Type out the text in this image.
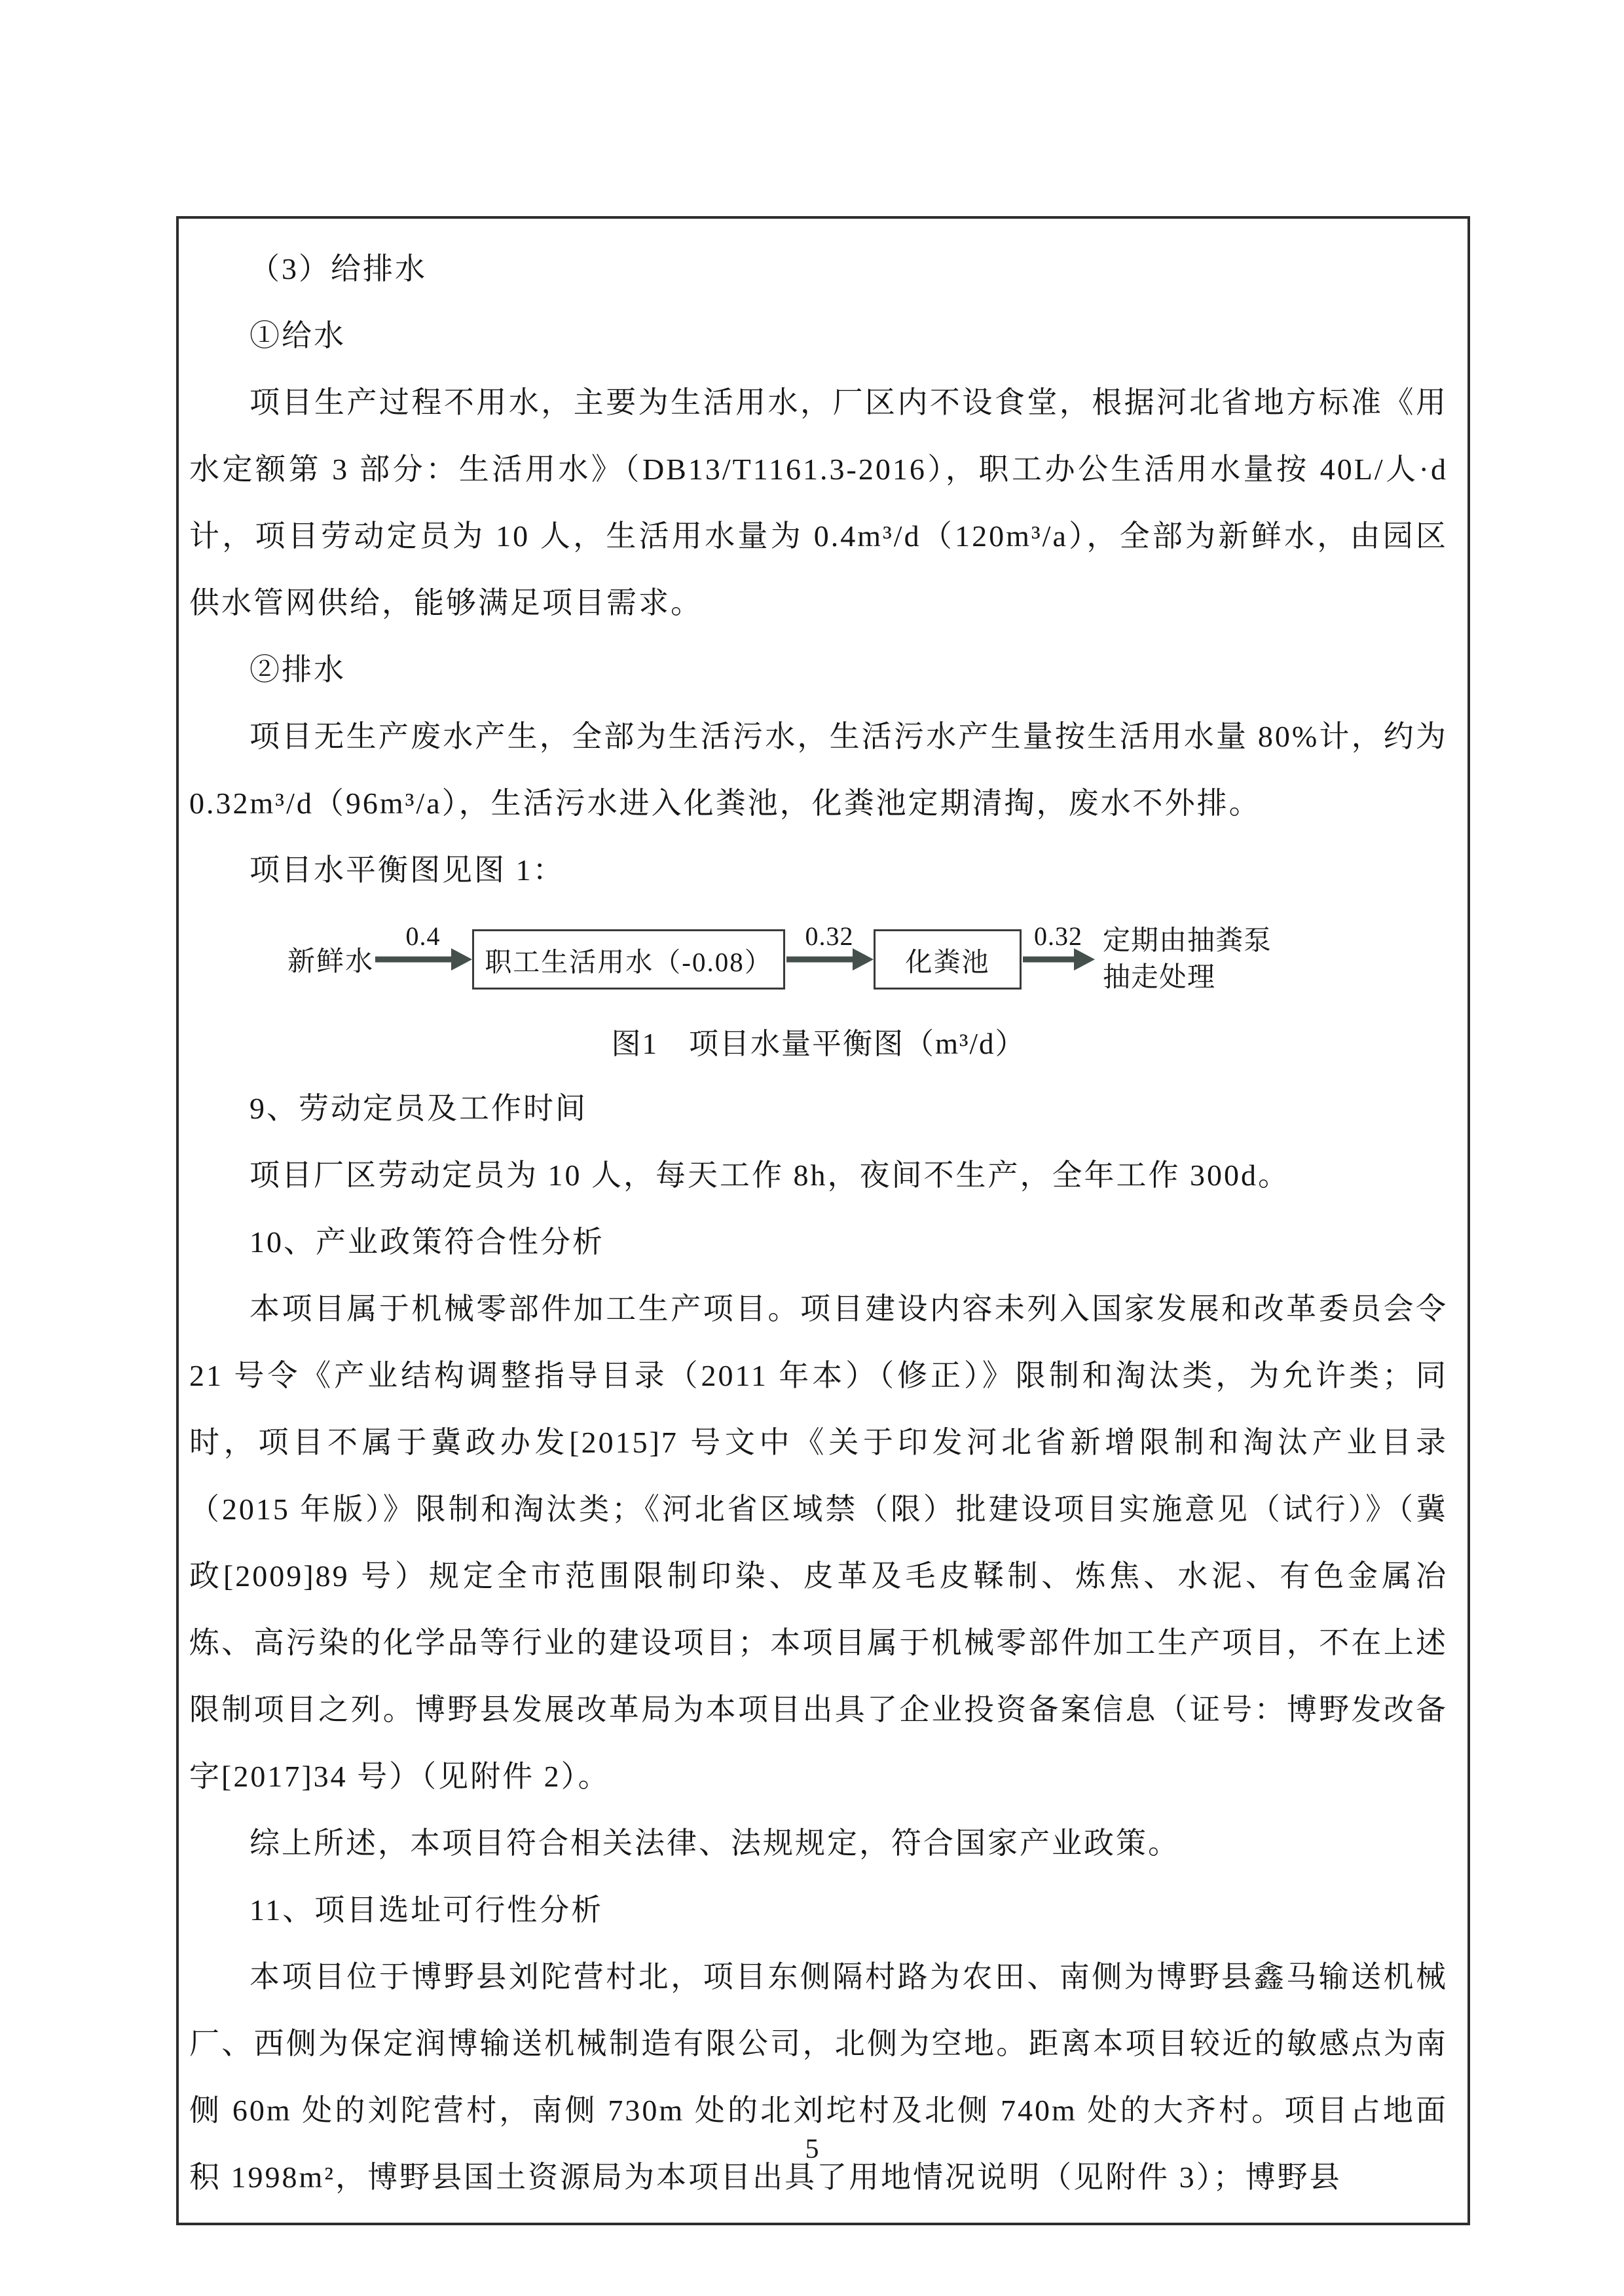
（3）给排水

①给水

项目生产过程不用水，主要为生活用水，厂区内不设食堂，根据河北省地方标准《用水定额第 3 部分：生活用水》（DB13/T1161.3-2016），职工办公生活用水量按 40L/人·d 计，项目劳动定员为 10 人，生活用水量为 0.4m³/d（120m³/a），全部为新鲜水，由园区供水管网供给，能够满足项目需求。

②排水

项目无生产废水产生，全部为生活污水，生活污水产生量按生活用水量 80%计，约为 0.32m³/d（96m³/a），生活污水进入化粪池，化粪池定期清掏，废水不外排。

项目水平衡图见图 1：

新鲜水
0.4
职工生活用水（-0.08）
0.32
化粪池
0.32 定期由抽粪泵
抽走处理

图1　项目水量平衡图（m³/d）

9、劳动定员及工作时间

项目厂区劳动定员为 10 人，每天工作 8h，夜间不生产，全年工作 300d。

10、产业政策符合性分析

本项目属于机械零部件加工生产项目。项目建设内容未列入国家发展和改革委员会令 21 号令《产业结构调整指导目录（2011 年本）（修正）》限制和淘汰类，为允许类；同时，项目不属于冀政办发[2015]7 号文中《关于印发河北省新增限制和淘汰产业目录（2015 年版）》限制和淘汰类；《河北省区域禁（限）批建设项目实施意见（试行）》（冀政[2009]89 号）规定全市范围限制印染、皮革及毛皮鞣制、炼焦、水泥、有色金属冶炼、高污染的化学品等行业的建设项目；本项目属于机械零部件加工生产项目，不在上述限制项目之列。博野县发展改革局为本项目出具了企业投资备案信息（证号：博野发改备字[2017]34 号）（见附件 2）。

综上所述，本项目符合相关法律、法规规定，符合国家产业政策。

11、项目选址可行性分析

本项目位于博野县刘陀营村北，项目东侧隔村路为农田、南侧为博野县鑫马输送机械厂、西侧为保定润博输送机械制造有限公司，北侧为空地。距离本项目较近的敏感点为南侧 60m 处的刘陀营村，南侧 730m 处的北刘坨村及北侧 740m 处的大齐村。项目占地面积 1998m²，博野县国土资源局为本项目出具了用地情况说明（见附件 3）；博野县

5
